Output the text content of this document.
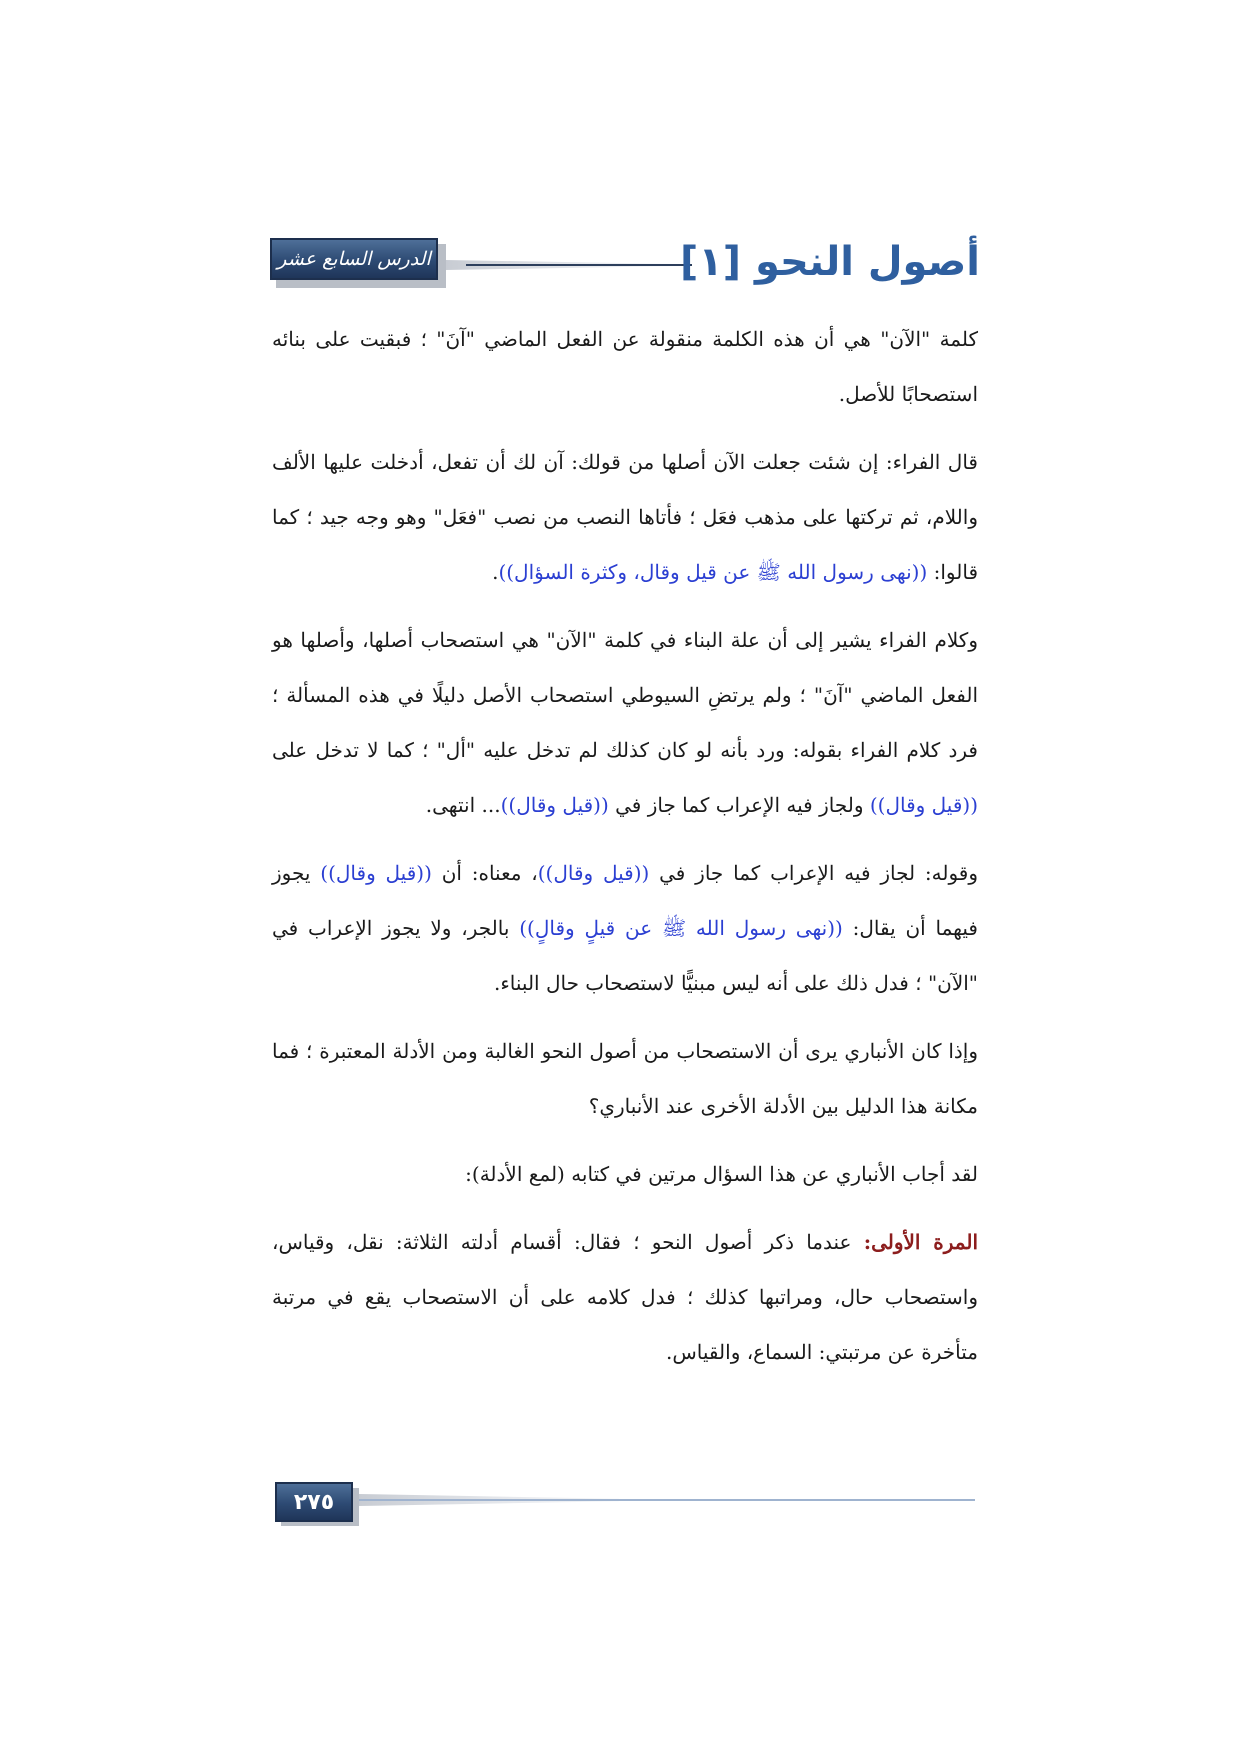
الدرس السابع عشر	أصول النحو [١]

كلمة "الآن" هي أن هذه الكلمة منقولة عن الفعل الماضي "آنَ" ؛ فبقيت على بنائه استصحابًا للأصل.

قال الفراء: إن شئت جعلت الآن أصلها من قولك: آن لك أن تفعل، أدخلت عليها الألف واللام، ثم تركتها على مذهب فعَل ؛ فأتاها النصب من نصب "فعَل" وهو وجه جيد ؛ كما قالوا: ((نهى رسول الله ﷺ عن قيل وقال، وكثرة السؤال)).

وكلام الفراء يشير إلى أن علة البناء في كلمة "الآن" هي استصحاب أصلها، وأصلها هو الفعل الماضي "آنَ" ؛ ولم يرتضِ السيوطي استصحاب الأصل دليلًا في هذه المسألة ؛ فرد كلام الفراء بقوله: ورد بأنه لو كان كذلك لم تدخل عليه "أل" ؛ كما لا تدخل على ((قيل وقال)) ولجاز فيه الإعراب كما جاز في ((قيل وقال))... انتهى.

وقوله: لجاز فيه الإعراب كما جاز في ((قيل وقال))، معناه: أن ((قيل وقال)) يجوز فيهما أن يقال: ((نهى رسول الله ﷺ عن قيلٍ وقالٍ)) بالجر، ولا يجوز الإعراب في "الآن" ؛ فدل ذلك على أنه ليس مبنيًّا لاستصحاب حال البناء.

وإذا كان الأنباري يرى أن الاستصحاب من أصول النحو الغالبة ومن الأدلة المعتبرة ؛ فما مكانة هذا الدليل بين الأدلة الأخرى عند الأنباري؟

لقد أجاب الأنباري عن هذا السؤال مرتين في كتابه (لمع الأدلة):

المرة الأولى: عندما ذكر أصول النحو ؛ فقال: أقسام أدلته الثلاثة: نقل، وقياس، واستصحاب حال، ومراتبها كذلك ؛ فدل كلامه على أن الاستصحاب يقع في مرتبة متأخرة عن مرتبتي: السماع، والقياس.

٢٧٥
